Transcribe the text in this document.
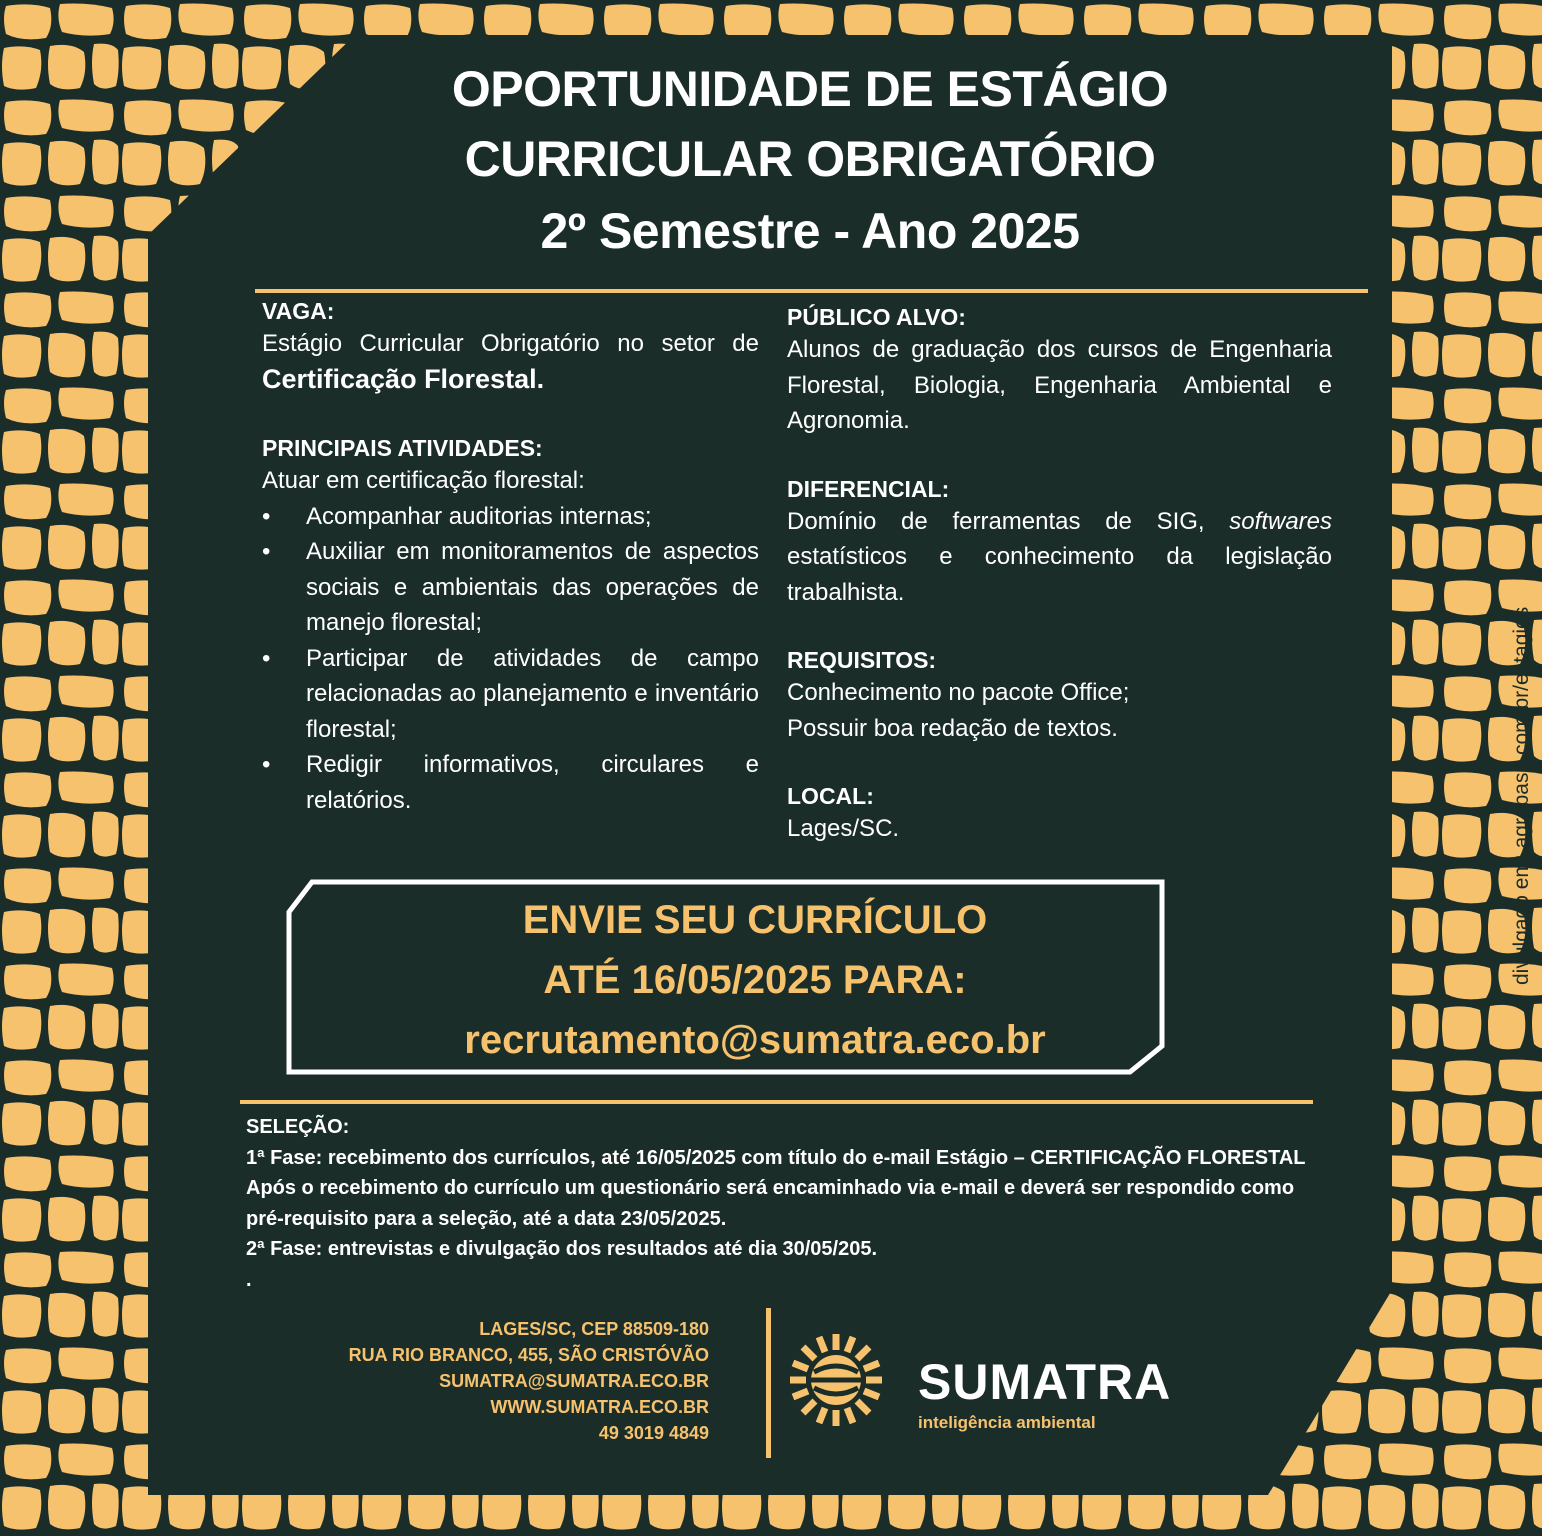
OPORTUNIDADE DE ESTÁGIO
CURRICULAR OBRIGATÓRIO
2º Semestre - Ano 2025
VAGA:
Estágio Curricular Obrigatório no setor de Certificação Florestal.
PRINCIPAIS ATIVIDADES:
Atuar em certificação florestal:
• Acompanhar auditorias internas;
• Auxiliar em monitoramentos de aspectos sociais e ambientais das operações de manejo florestal;
• Participar de atividades de campo relacionadas ao planejamento e inventário florestal;
• Redigir informativos, circulares e relatórios.
PÚBLICO ALVO:
Alunos de graduação dos cursos de Engenharia Florestal, Biologia, Engenharia Ambiental e Agronomia.
DIFERENCIAL:
Domínio de ferramentas de SIG, softwares estatísticos e conhecimento da legislação trabalhista.
REQUISITOS:
Conhecimento no pacote Office;
Possuir boa redação de textos.
LOCAL:
Lages/SC.
ENVIE SEU CURRÍCULO
ATÉ 16/05/2025 PARA:
recrutamento@sumatra.eco.br
SELEÇÃO:
1ª Fase: recebimento dos currículos, até 16/05/2025 com título do e-mail Estágio – CERTIFICAÇÃO FLORESTAL
Após o recebimento do currículo um questionário será encaminhado via e-mail e deverá ser respondido como pré-requisito para a seleção, até a data 23/05/2025.
2ª Fase: entrevistas e divulgação dos resultados até dia 30/05/205.
.
LAGES/SC, CEP 88509-180
RUA RIO BRANCO, 455, SÃO CRISTÓVÃO
SUMATRA@SUMATRA.ECO.BR
WWW.SUMATRA.ECO.BR
49 3019 4849
SUMATRA
inteligência ambiental
divulgado em: agrobase.com.br/estagios
